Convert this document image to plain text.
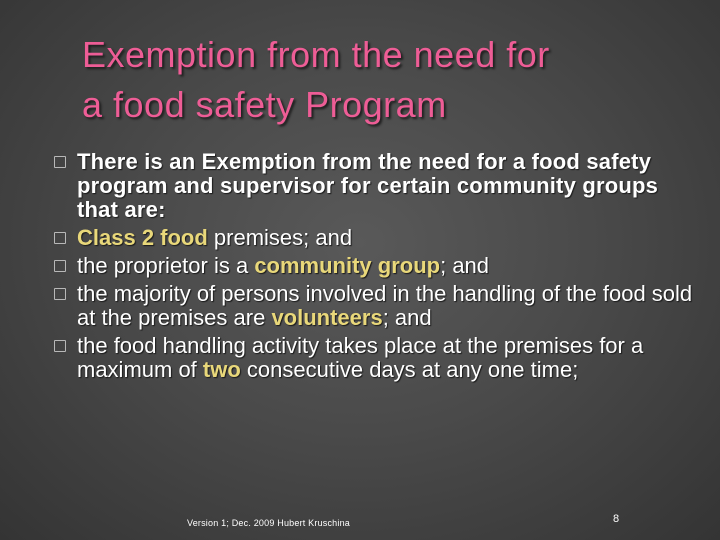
Exemption from the need for
a food safety Program
There is an Exemption from the need for a food safety program and supervisor for certain community groups that are:
Class 2 food premises; and
the proprietor is a community group; and
the majority of persons involved in the handling of the food sold at the premises are volunteers; and
the food handling activity takes place at the premises for a maximum of two consecutive days at any one time;
Version 1; Dec. 2009 Hubert Kruschina	8
